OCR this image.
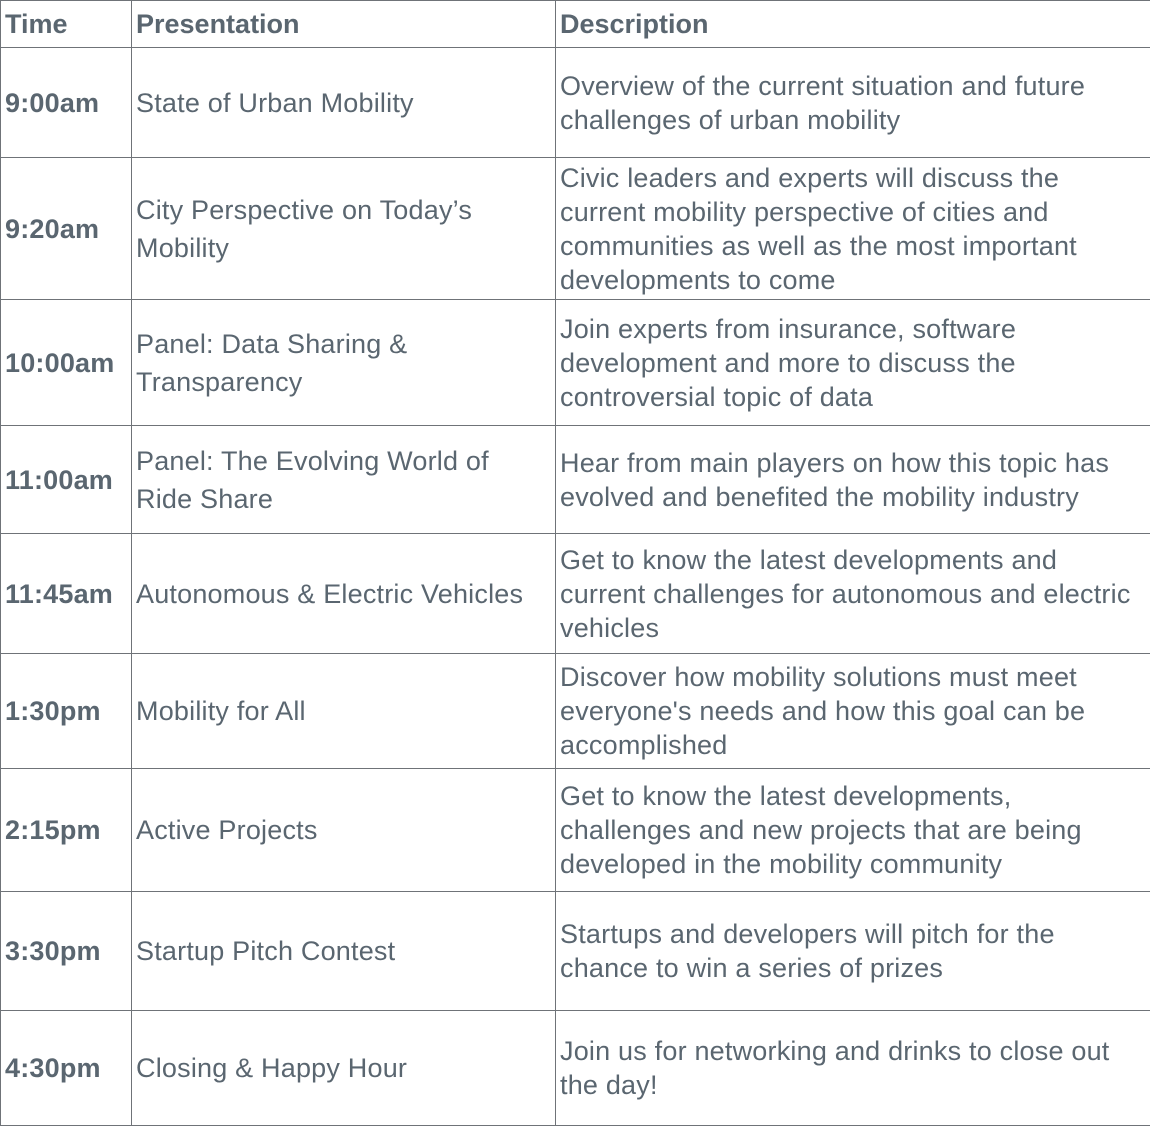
Time	Presentation	Description
9:00am	State of Urban Mobility	Overview of the current situation and future challenges of urban mobility
9:20am	City Perspective on Today’s Mobility	Civic leaders and experts will discuss the current mobility perspective of cities and communities as well as the most important developments to come
10:00am	Panel: Data Sharing & Transparency	Join experts from insurance, software development and more to discuss the controversial topic of data
11:00am	Panel: The Evolving World of Ride Share	Hear from main players on how this topic has evolved and benefited the mobility industry
11:45am	Autonomous & Electric Vehicles	Get to know the latest developments and current challenges for autonomous and electric vehicles
1:30pm	Mobility for All	Discover how mobility solutions must meet everyone's needs and how this goal can be accomplished
2:15pm	Active Projects	Get to know the latest developments, challenges and new projects that are being developed in the mobility community
3:30pm	Startup Pitch Contest	Startups and developers will pitch for the chance to win a series of prizes
4:30pm	Closing & Happy Hour	Join us for networking and drinks to close out the day!
